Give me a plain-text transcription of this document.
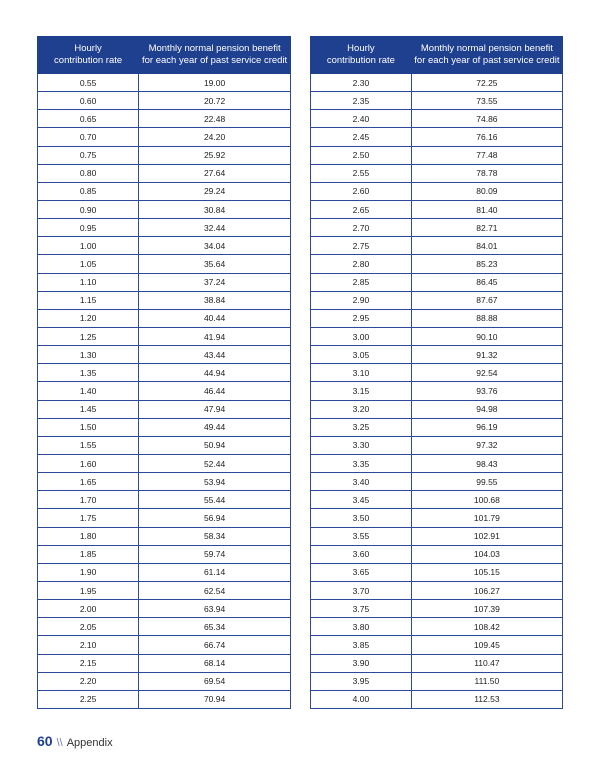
Hourly
contribution rate	Monthly normal pension benefit
for each year of past service credit

0.55	19.00
0.60	20.72
0.65	22.48
0.70	24.20
0.75	25.92
0.80	27.64
0.85	29.24
0.90	30.84
0.95	32.44
1.00	34.04
1.05	35.64
1.10	37.24
1.15	38.84
1.20	40.44
1.25	41.94
1.30	43.44
1.35	44.94
1.40	46.44
1.45	47.94
1.50	49.44
1.55	50.94
1.60	52.44
1.65	53.94
1.70	55.44
1.75	56.94
1.80	58.34
1.85	59.74
1.90	61.14
1.95	62.54
2.00	63.94
2.05	65.34
2.10	66.74
2.15	68.14
2.20	69.54
2.25	70.94
Hourly
contribution rate	Monthly normal pension benefit
for each year of past service credit

2.30	72.25
2.35	73.55
2.40	74.86
2.45	76.16
2.50	77.48
2.55	78.78
2.60	80.09
2.65	81.40
2.70	82.71
2.75	84.01
2.80	85.23
2.85	86.45
2.90	87.67
2.95	88.88
3.00	90.10
3.05	91.32
3.10	92.54
3.15	93.76
3.20	94.98
3.25	96.19
3.30	97.32
3.35	98.43
3.40	99.55
3.45	100.68
3.50	101.79
3.55	102.91
3.60	104.03
3.65	105.15
3.70	106.27
3.75	107.39
3.80	108.42
3.85	109.45
3.90	110.47
3.95	111.50
4.00	112.53
60 \\ Appendix
